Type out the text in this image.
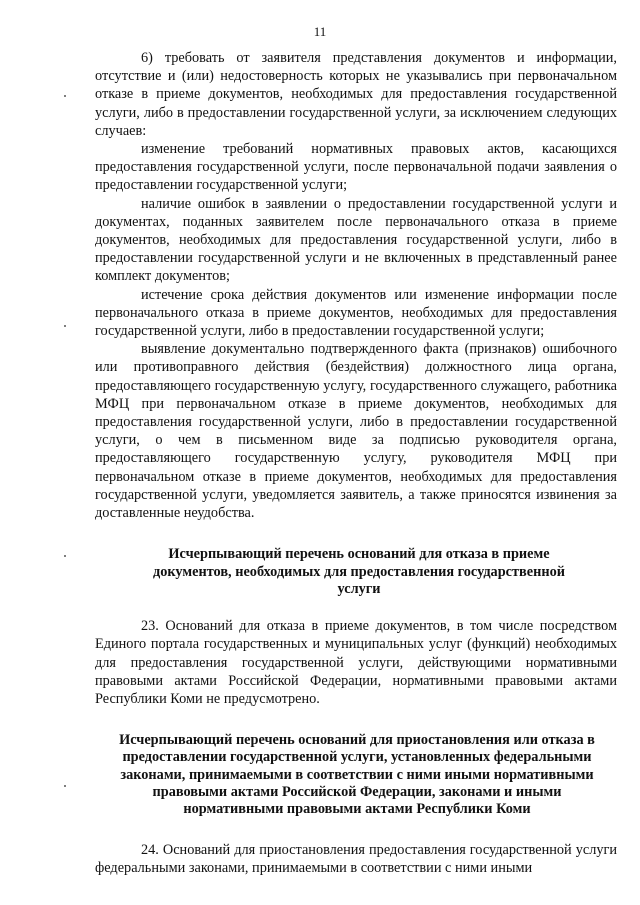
11

6) требовать от заявителя представления документов и информации, отсутствие и (или) недостоверность которых не указывались при первоначальном отказе в приеме документов, необходимых для предоставления государственной услуги, либо в предоставлении государственной услуги, за исключением следующих случаев:

изменение требований нормативных правовых актов, касающихся предоставления государственной услуги, после первоначальной подачи заявления о предоставлении государственной услуги;

наличие ошибок в заявлении о предоставлении государственной услуги и документах, поданных заявителем после первоначального отказа в приеме документов, необходимых для предоставления государственной услуги, либо в предоставлении государственной услуги и не включенных в представленный ранее комплект документов;

истечение срока действия документов или изменение информации после первоначального отказа в приеме документов, необходимых для предоставления государственной услуги, либо в предоставлении государственной услуги;

выявление документально подтвержденного факта (признаков) ошибочного или противоправного действия (бездействия) должностного лица органа, предоставляющего государственную услугу, государственного служащего, работника МФЦ при первоначальном отказе в приеме документов, необходимых для предоставления государственной услуги, либо в предоставлении государственной услуги, о чем в письменном виде за подписью руководителя органа, предоставляющего государственную услугу, руководителя МФЦ при первоначальном отказе в приеме документов, необходимых для предоставления государственной услуги, уведомляется заявитель, а также приносятся извинения за доставленные неудобства.

Исчерпывающий перечень оснований для отказа в приеме документов, необходимых для предоставления государственной услуги

23. Оснований для отказа в приеме документов, в том числе посредством Единого портала государственных и муниципальных услуг (функций) необходимых для предоставления государственной услуги, действующими нормативными правовыми актами Российской Федерации, нормативными правовыми актами Республики Коми не предусмотрено.

Исчерпывающий перечень оснований для приостановления или отказа в предоставлении государственной услуги, установленных федеральными законами, принимаемыми в соответствии с ними иными нормативными правовыми актами Российской Федерации, законами и иными нормативными правовыми актами Республики Коми

24. Оснований для приостановления предоставления государственной услуги федеральными законами, принимаемыми в соответствии с ними иными
